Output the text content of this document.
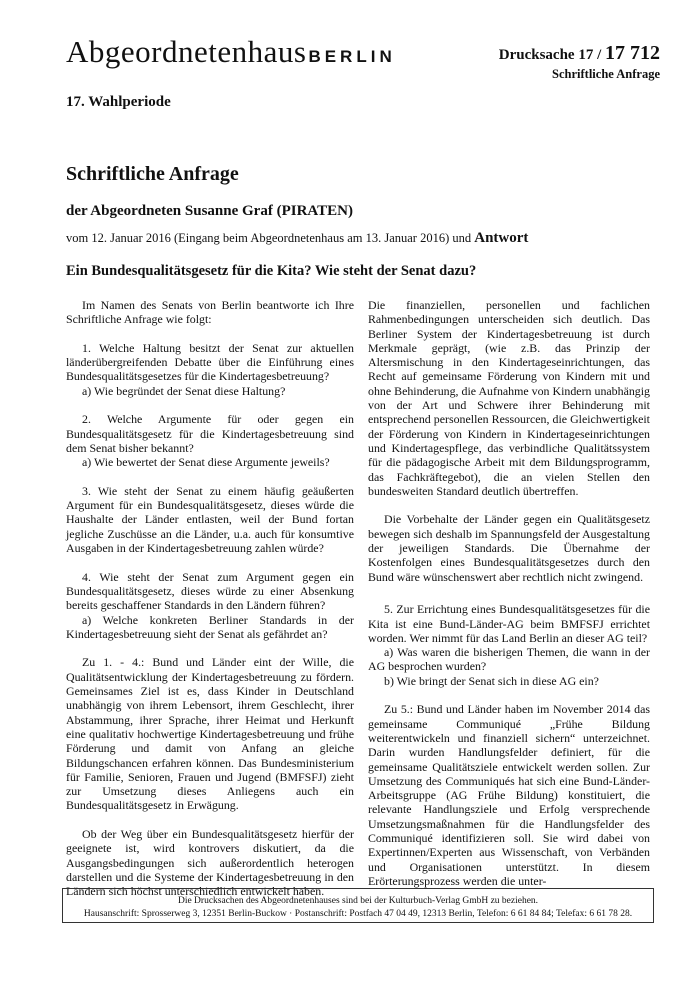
Abgeordnetenhaus BERLIN	Drucksache 17 / 17 712
Schriftliche Anfrage
17. Wahlperiode
Schriftliche Anfrage
der Abgeordneten Susanne Graf (PIRATEN)
vom 12. Januar 2016 (Eingang beim Abgeordnetenhaus am 13. Januar 2016) und Antwort
Ein Bundesqualitätsgesetz für die Kita? Wie steht der Senat dazu?

Im Namen des Senats von Berlin beantworte ich Ihre Schriftliche Anfrage wie folgt:

1. Welche Haltung besitzt der Senat zur aktuellen länderübergreifenden Debatte über die Einführung eines Bundesqualitätsgesetzes für die Kindertagesbetreuung?

a) Wie begründet der Senat diese Haltung?

2. Welche Argumente für oder gegen ein Bundesqualitätsgesetz für die Kindertagesbetreuung sind dem Senat bisher bekannt?

a) Wie bewertet der Senat diese Argumente jeweils?

3. Wie steht der Senat zu einem häufig geäußerten Argument für ein Bundesqualitätsgesetz, dieses würde die Haushalte der Länder entlasten, weil der Bund fortan jegliche Zuschüsse an die Länder, u.a. auch für konsumtive Ausgaben in der Kindertagesbetreuung zahlen würde?

4. Wie steht der Senat zum Argument gegen ein Bundesqualitätsgesetz, dieses würde zu einer Absenkung bereits geschaffener Standards in den Ländern führen?

a) Welche konkreten Berliner Standards in der Kindertagesbetreuung sieht der Senat als gefährdet an?

Zu 1. - 4.: Bund und Länder eint der Wille, die Qualitätsentwicklung der Kindertagesbetreuung zu fördern. Gemeinsames Ziel ist es, dass Kinder in Deutschland unabhängig von ihrem Lebensort, ihrem Geschlecht, ihrer Abstammung, ihrer Sprache, ihrer Heimat und Herkunft eine qualitativ hochwertige Kindertagesbetreuung und frühe Förderung und damit von Anfang an gleiche Bildungschancen erfahren können. Das Bundesministerium für Familie, Senioren, Frauen und Jugend (BMFSFJ) zieht zur Umsetzung dieses Anliegens auch ein Bundesqualitätsgesetz in Erwägung.

Ob der Weg über ein Bundesqualitätsgesetz hierfür der geeignete ist, wird kontrovers diskutiert, da die Ausgangsbedingungen sich außerordentlich heterogen darstellen und die Systeme der Kindertagesbetreuung in den Ländern sich höchst unterschiedlich entwickelt haben.

Die finanziellen, personellen und fachlichen Rahmenbedingungen unterscheiden sich deutlich. Das Berliner System der Kindertagesbetreuung ist durch Merkmale geprägt, (wie z.B. das Prinzip der Altersmischung in den Kindertageseinrichtungen, das Recht auf gemeinsame Förderung von Kindern mit und ohne Behinderung, die Aufnahme von Kindern unabhängig von der Art und Schwere ihrer Behinderung mit entsprechend personellen Ressourcen, die Gleichwertigkeit der Förderung von Kindern in Kindertageseinrichtungen und Kindertagespflege, das verbindliche Qualitätssystem für die pädagogische Arbeit mit dem Bildungsprogramm, das Fachkräftegebot), die an vielen Stellen den bundesweiten Standard deutlich übertreffen.

Die Vorbehalte der Länder gegen ein Qualitätsgesetz bewegen sich deshalb im Spannungsfeld der Ausgestaltung der jeweiligen Standards. Die Übernahme der Kostenfolgen eines Bundesqualitätsgesetzes durch den Bund wäre wünschenswert aber rechtlich nicht zwingend.

5. Zur Errichtung eines Bundesqualitätsgesetzes für die Kita ist eine Bund-Länder-AG beim BMFSFJ errichtet worden. Wer nimmt für das Land Berlin an dieser AG teil?

a) Was waren die bisherigen Themen, die wann in der AG besprochen wurden?

b) Wie bringt der Senat sich in diese AG ein?

Zu 5.: Bund und Länder haben im November 2014 das gemeinsame Communiqué „Frühe Bildung weiterentwickeln und finanziell sichern“ unterzeichnet. Darin wurden Handlungsfelder definiert, für die gemeinsame Qualitätsziele entwickelt werden sollen. Zur Umsetzung des Communiqués hat sich eine Bund-Länder-Arbeitsgruppe (AG Frühe Bildung) konstituiert, die relevante Handlungsziele und Erfolg versprechende Umsetzungsmaßnahmen für die Handlungsfelder des Communiqué identifizieren soll. Sie wird dabei von Expertinnen/Experten aus Wissenschaft, von Verbänden und Organisationen unterstützt. In diesem Erörterungsprozess werden die unter-

Die Drucksachen des Abgeordnetenhauses sind bei der Kulturbuch-Verlag GmbH zu beziehen.
Hausanschrift: Sprosserweg 3, 12351 Berlin-Buckow · Postanschrift: Postfach 47 04 49, 12313 Berlin, Telefon: 6 61 84 84; Telefax: 6 61 78 28.
